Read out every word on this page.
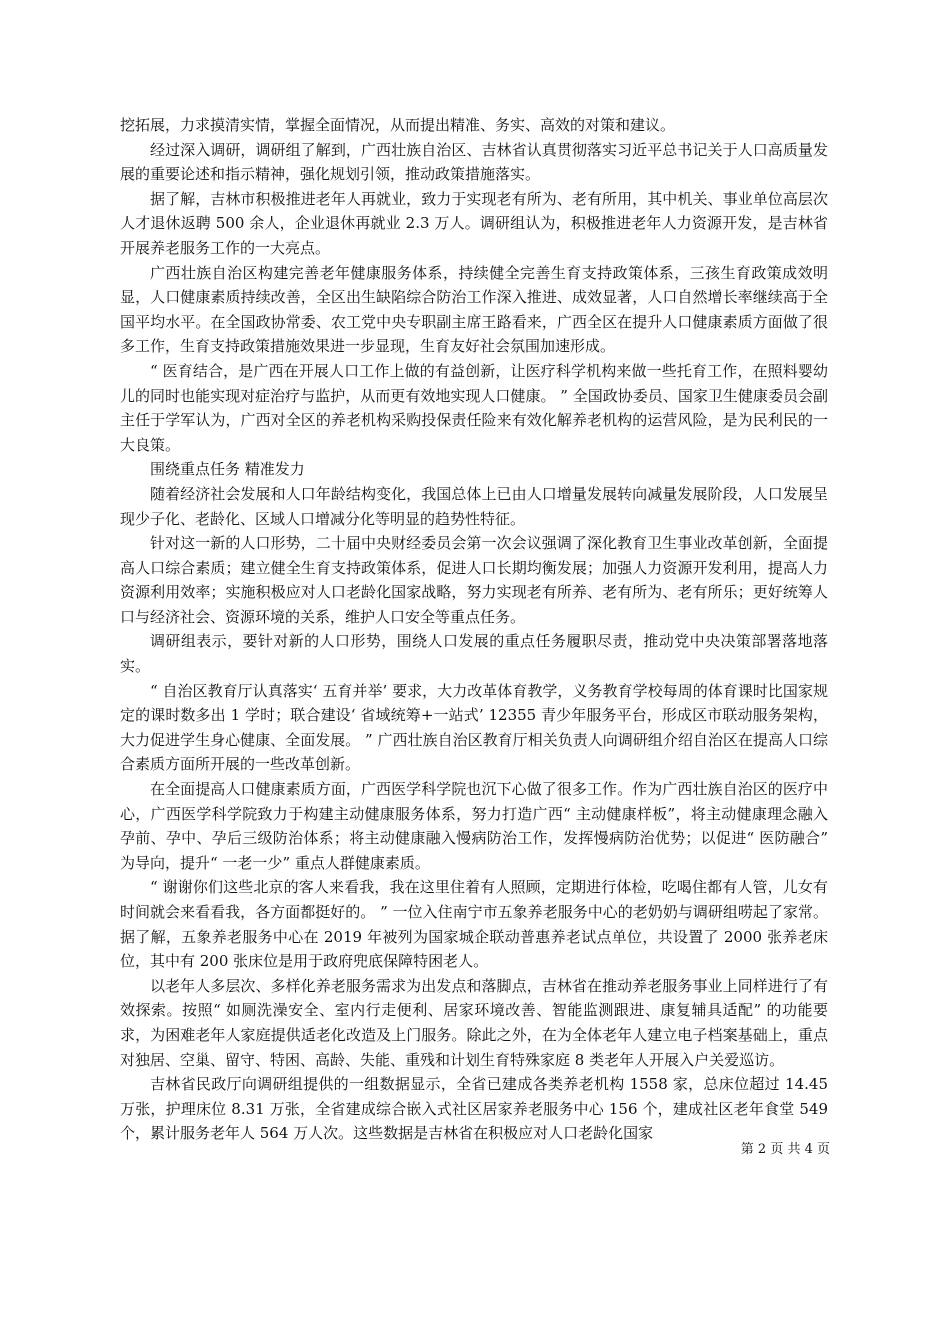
挖拓展，力求摸清实情，掌握全面情况，从而提出精准、务实、高效的对策和建议。

经过深入调研，调研组了解到，广西壮族自治区、吉林省认真贯彻落实习近平总书记关于人口高质量发展的重要论述和指示精神，强化规划引领，推动政策措施落实。

据了解，吉林市积极推进老年人再就业，致力于实现老有所为、老有所用，其中机关、事业单位高层次人才退休返聘 500 余人，企业退休再就业 2.3 万人。调研组认为，积极推进老年人力资源开发，是吉林省开展养老服务工作的一大亮点。

广西壮族自治区构建完善老年健康服务体系，持续健全完善生育支持政策体系，三孩生育政策成效明显，人口健康素质持续改善，全区出生缺陷综合防治工作深入推进、成效显著，人口自然增长率继续高于全国平均水平。在全国政协常委、农工党中央专职副主席王路看来，广西全区在提升人口健康素质方面做了很多工作，生育支持政策措施效果进一步显现，生育友好社会氛围加速形成。

“ 医育结合，是广西在开展人口工作上做的有益创新，让医疗科学机构来做一些托育工作，在照料婴幼儿的同时也能实现对症治疗与监护，从而更有效地实现人口健康。 ” 全国政协委员、国家卫生健康委员会副主任于学军认为，广西对全区的养老机构采购投保责任险来有效化解养老机构的运营风险，是为民利民的一大良策。

围绕重点任务 精准发力

随着经济社会发展和人口年龄结构变化，我国总体上已由人口增量发展转向减量发展阶段，人口发展呈现少子化、老龄化、区域人口增减分化等明显的趋势性特征。

针对这一新的人口形势，二十届中央财经委员会第一次会议强调了深化教育卫生事业改革创新，全面提高人口综合素质；建立健全生育支持政策体系，促进人口长期均衡发展；加强人力资源开发利用，提高人力资源利用效率；实施积极应对人口老龄化国家战略，努力实现老有所养、老有所为、老有所乐；更好统筹人口与经济社会、资源环境的关系，维护人口安全等重点任务。

调研组表示，要针对新的人口形势，围绕人口发展的重点任务履职尽责，推动党中央决策部署落地落实。

“ 自治区教育厅认真落实‘ 五育并举’ 要求，大力改革体育教学，义务教育学校每周的体育课时比国家规定的课时数多出 1 学时；联合建设‘ 省域统筹+一站式’ 12355 青少年服务平台，形成区市联动服务架构，大力促进学生身心健康、全面发展。 ” 广西壮族自治区教育厅相关负责人向调研组介绍自治区在提高人口综合素质方面所开展的一些改革创新。

在全面提高人口健康素质方面，广西医学科学院也沉下心做了很多工作。作为广西壮族自治区的医疗中心，广西医学科学院致力于构建主动健康服务体系，努力打造广西“ 主动健康样板”，将主动健康理念融入孕前、孕中、孕后三级防治体系；将主动健康融入慢病防治工作，发挥慢病防治优势；以促进“ 医防融合” 为导向，提升“ 一老一少” 重点人群健康素质。

“ 谢谢你们这些北京的客人来看我，我在这里住着有人照顾，定期进行体检，吃喝住都有人管，儿女有时间就会来看看我，各方面都挺好的。 ” 一位入住南宁市五象养老服务中心的老奶奶与调研组唠起了家常。据了解，五象养老服务中心在 2019 年被列为国家城企联动普惠养老试点单位，共设置了 2000 张养老床位，其中有 200 张床位是用于政府兜底保障特困老人。

以老年人多层次、多样化养老服务需求为出发点和落脚点，吉林省在推动养老服务事业上同样进行了有效探索。按照“ 如厕洗澡安全、室内行走便利、居家环境改善、智能监测跟进、康复辅具适配” 的功能要求，为困难老年人家庭提供适老化改造及上门服务。除此之外，在为全体老年人建立电子档案基础上，重点对独居、空巢、留守、特困、高龄、失能、重残和计划生育特殊家庭 8 类老年人开展入户关爱巡访。

吉林省民政厅向调研组提供的一组数据显示，全省已建成各类养老机构 1558 家，总床位超过 14.45 万张，护理床位 8.31 万张，全省建成综合嵌入式社区居家养老服务中心 156 个，建成社区老年食堂 549 个，累计服务老年人 564 万人次。这些数据是吉林省在积极应对人口老龄化国家

第 2 页 共 4 页
